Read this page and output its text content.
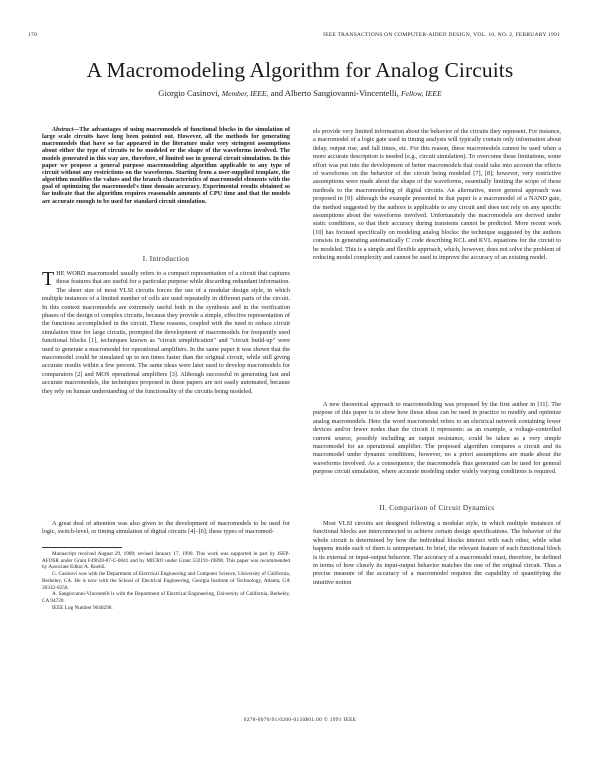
170	IEEE TRANSACTIONS ON COMPUTER-AIDED DESIGN, VOL. 10, NO. 2, FEBRUARY 1991
A Macromodeling Algorithm for Analog Circuits
Giorgio Casinovi, Member, IEEE, and Alberto Sangiovanni-Vincentelli, Fellow, IEEE

Abstract—The advantages of using macromodels of functional blocks in the simulation of large scale circuits have long been pointed out. However, all the methods for generating macromodels that have so far appeared in the literature make very stringent assumptions about either the type of circuits to be modeled or the shape of the waveforms involved. The models generated in this way are, therefore, of limited use in general circuit simulation. In this paper we propose a general purpose macromodeling algorithm applicable to any type of circuit without any restrictions on the waveforms. Starting from a user-supplied template, the algorithm modifies the values and the branch characteristics of macromodel elements with the goal of optimizing the macromodel's time domain accuracy. Experimental results obtained so far indicate that the algorithm requires reasonable amounts of CPU time and that the models are accurate enough to be used for standard circuit simulation.

I. Introduction

THE WORD macromodel usually refers to a compact representation of a circuit that captures those features that are useful for a particular purpose while discarding redundant information. The sheer size of most VLSI circuits forces the use of a modular design style, in which multiple instances of a limited number of cells are used repeatedly in different parts of the circuit. In this context macromodels are extremely useful both in the synthesis and in the verification phases of the design of complex circuits, because they provide a simple, effective representation of the functions accomplished in the circuit. These reasons, coupled with the need to reduce circuit simulation time for large circuits, prompted the development of macromodels for frequently used functional blocks [1], techniques known as "circuit simplification" and "circuit build-up" were used to generate a macromodel for operational amplifiers. In the same paper it was shown that the macromodel could be simulated up to ten times faster than the original circuit, while still giving accurate results within a few percent. The same ideas were later used to develop macromodels for comparators [2] and MOS operational amplifiers [3]. Although successful in generating fast and accurate macromodels, the techniques proposed in these papers are not easily automated, because they rely on human understanding of the functionality of the circuits being modeled.

A great deal of attention was also given to the development of macromodels to be used for logic, switch-level, or timing simulation of digital circuits [4]–[6]; these types of macromod-

Manuscript received August 29, 1989; revised January 17, 1990. This work was supported in part by JSEP-AFOSR under Grant F49620-87-C-0041 and by MICRO under Grant 532191-19890. This paper was recommended by Associate Editor A. Ruehli.

G. Casinovi was with the Department of Electrical Engineering and Computer Science, University of California, Berkeley, CA. He is now with the School of Electrical Engineering, Georgia Institute of Technology, Atlanta, GA 30332-0250.

A. Sangiovanni-Vincentelli is with the Department of Electrical Engineering, University of California, Berkeley, CA 94720.

IEEE Log Number 9040290.

els provide very limited information about the behavior of the circuits they represent. For instance, a macromodel of a logic gate used in timing analysis will typically contain only information about delay, output rise, and fall times, etc. For this reason, these macromodels cannot be used when a more accurate description is needed (e.g., circuit simulation). To overcome these limitations, some effort was put into the development of better macromodels that could take into account the effects of waveforms on the behavior of the circuit being modeled [7], [8]; however, very restrictive assumptions were made about the shape of the waveforms, essentially limiting the scope of these methods to the macromodeling of digital circuits. An alternative, more general approach was proposed in [9]: although the example presented in that paper is a macromodel of a NAND gate, the method suggested by the authors is applicable to any circuit and does not rely on any specific assumptions about the waveforms involved. Unfortunately the macromodels are derived under static conditions, so that their accuracy during transients cannot be predicted. More recent work [10] has focused specifically on modeling analog blocks: the technique suggested by the authors consists in generating automatically C code describing KCL and KVL equations for the circuit to be modeled. This is a simple and flexible approach, which, however, does not solve the problem of reducing model complexity and cannot be used to improve the accuracy of an existing model.

A new theoretical approach to macromodeling was proposed by the first author in [11]. The purpose of this paper is to show how those ideas can be used in practice to modify and optimize analog macromodels. Here the word macromodel refers to an electrical network containing fewer devices and/or fewer nodes than the circuit it represents: as an example, a voltage-controlled current source, possibly including an output resistance, could be taken as a very simple macromodel for an operational amplifier. The proposed algorithm compares a circuit and its macromodel under dynamic conditions, however, no a priori assumptions are made about the waveforms involved. As a consequence, the macromodels thus generated can be used for general purpose circuit simulation, where accurate modeling under widely varying conditions is required.

II. Comparison of Circuit Dynamics

Most VLSI circuits are designed following a modular style, in which multiple instances of functional blocks are interconnected to achieve certain design specifications. The behavior of the whole circuit is determined by how the individual blocks interact with each other, while what happens inside each of them is unimportant. In brief, the relevant feature of each functional block is its external or input-output behavior. The accuracy of a macromodel must, therefore, be defined in terms of how closely its input-output behavior matches the one of the original circuit. Thus a precise measure of the accuracy of a macromodel requires the capability of quantifying the intuitive notion

0278-0070/91/0200-0150$01.00 © 1991 IEEE
